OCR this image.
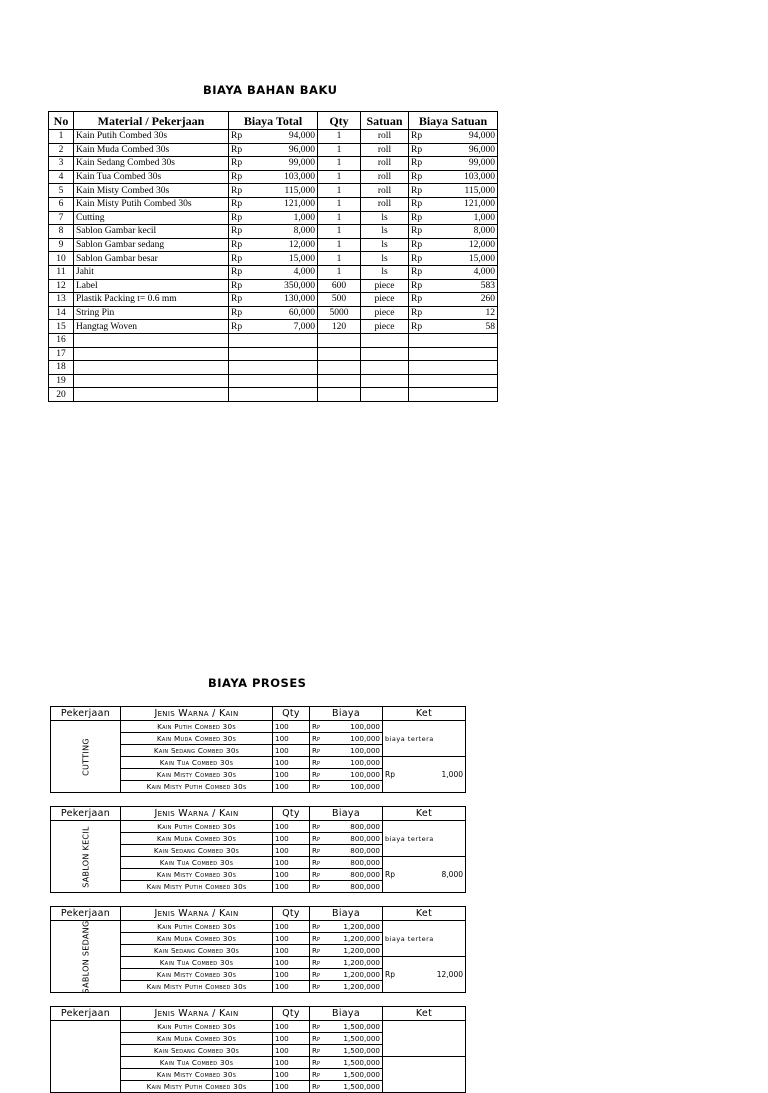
BIAYA BAHAN BAKU
No	Material / Pekerjaan	Biaya Total		Qty	Satuan	Biaya Satuan	
1	Kain Putih Combed 30s	Rp	94,000	1	roll	Rp	94,000
2	Kain Muda Combed 30s	Rp	96,000	1	roll	Rp	96,000
3	Kain Sedang Combed 30s	Rp	99,000	1	roll	Rp	99,000
4	Kain Tua Combed 30s	Rp	103,000	1	roll	Rp	103,000
5	Kain Misty Combed 30s	Rp	115,000	1	roll	Rp	115,000
6	Kain Misty Putih Combed 30s	Rp	121,000	1	roll	Rp	121,000
7	Cutting	Rp	1,000	1	ls	Rp	1,000
8	Sablon Gambar kecil	Rp	8,000	1	ls	Rp	8,000
9	Sablon Gambar sedang	Rp	12,000	1	ls	Rp	12,000
10	Sablon Gambar besar	Rp	15,000	1	ls	Rp	15,000
11	Jahit	Rp	4,000	1	ls	Rp	4,000
12	Label	Rp	350,000	600	piece	Rp	583
13	Plastik Packing t= 0.6 mm	Rp	130,000	500	piece	Rp	260
14	String Pin	Rp	60,000	5000	piece	Rp	12
15	Hangtag Woven	Rp	7,000	120	piece	Rp	58
16							
17							
18							
19							
20							
BIAYA PROSES
Pekerjaan	Jenis Warna / Kain	Qty	Biaya		Ket

CUTTING	Kain Putih Combed 30s	100	Rp	100,000	biaya tertera
	Kain Muda Combed 30s	100	Rp	100,000	
	Kain Sedang Combed 30s	100	Rp	100,000	
	Kain Tua Combed 30s	100	Rp	100,000	Rp 1,000

	Kain Misty Combed 30s	100	Rp	100,000	
	Kain Misty Putih Combed 30s	100	Rp	100,000	
Pekerjaan	Jenis Warna / Kain	Qty	Biaya		Ket

SABLON KECIL	Kain Putih Combed 30s	100	Rp	800,000	biaya tertera
	Kain Muda Combed 30s	100	Rp	800,000	
	Kain Sedang Combed 30s	100	Rp	800,000	
	Kain Tua Combed 30s	100	Rp	800,000	Rp 8,000

	Kain Misty Combed 30s	100	Rp	800,000	
	Kain Misty Putih Combed 30s	100	Rp	800,000	
Pekerjaan	Jenis Warna / Kain	Qty	Biaya		Ket

SABLON SEDANG	Kain Putih Combed 30s	100	Rp	1,200,000	biaya tertera
	Kain Muda Combed 30s	100	Rp	1,200,000	
	Kain Sedang Combed 30s	100	Rp	1,200,000	
	Kain Tua Combed 30s	100	Rp	1,200,000	Rp 12,000

	Kain Misty Combed 30s	100	Rp	1,200,000	
	Kain Misty Putih Combed 30s	100	Rp	1,200,000	
Pekerjaan	Jenis Warna / Kain	Qty	Biaya		Ket

	Kain Putih Combed 30s	100	Rp	1,500,000	
	Kain Muda Combed 30s	100	Rp	1,500,000	
	Kain Sedang Combed 30s	100	Rp	1,500,000	
	Kain Tua Combed 30s	100	Rp	1,500,000	

	Kain Misty Combed 30s	100	Rp	1,500,000	
	Kain Misty Putih Combed 30s	100	Rp	1,500,000	
